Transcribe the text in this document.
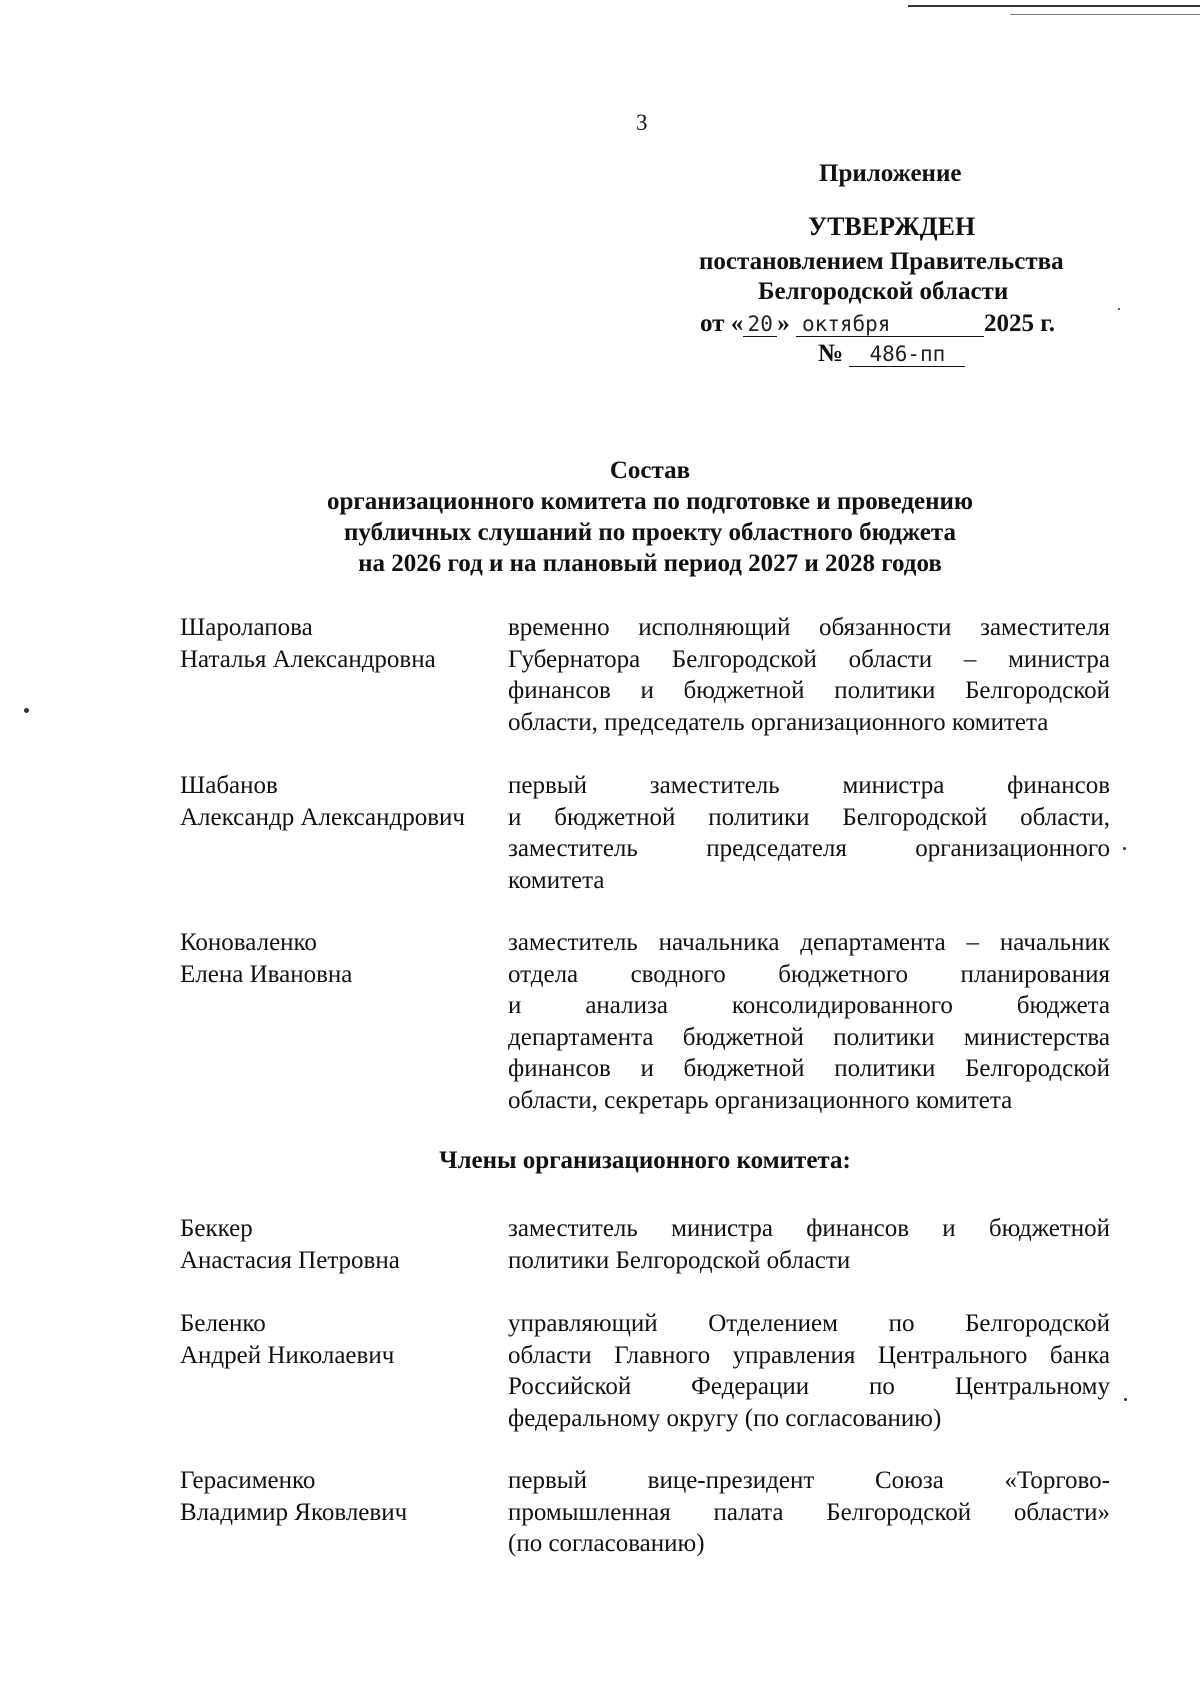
3
Приложение
УТВЕРЖДЕН
постановлением Правительства
Белгородской области
от « 20 » октября	2025 г.
№ 486-пп
Состав
организационного комитета по подготовке и проведению
публичных слушаний по проекту областного бюджета
на 2026 год и на плановый период 2027 и 2028 годов
Шаролапова
Наталья Александровна
временно исполняющий обязанности заместителя
Губернатора Белгородской области – министра
финансов и бюджетной политики Белгородской
области, председатель организационного комитета
Шабанов
Александр Александрович
первый заместитель министра финансов
и бюджетной политики Белгородской области,
заместитель председателя организационного
комитета
Коноваленко
Елена Ивановна
заместитель начальника департамента – начальник
отдела сводного бюджетного планирования
и анализа консолидированного бюджета
департамента бюджетной политики министерства
финансов и бюджетной политики Белгородской
области, секретарь организационного комитета
Члены организационного комитета:
Беккер
Анастасия Петровна
заместитель министра финансов и бюджетной
политики Белгородской области
Беленко
Андрей Николаевич
управляющий Отделением по Белгородской
области Главного управления Центрального банка
Российской Федерации по Центральному
федеральному округу (по согласованию)
Герасименко
Владимир Яковлевич
первый вице-президент Союза «Торгово-
промышленная палата Белгородской области»
(по согласованию)
